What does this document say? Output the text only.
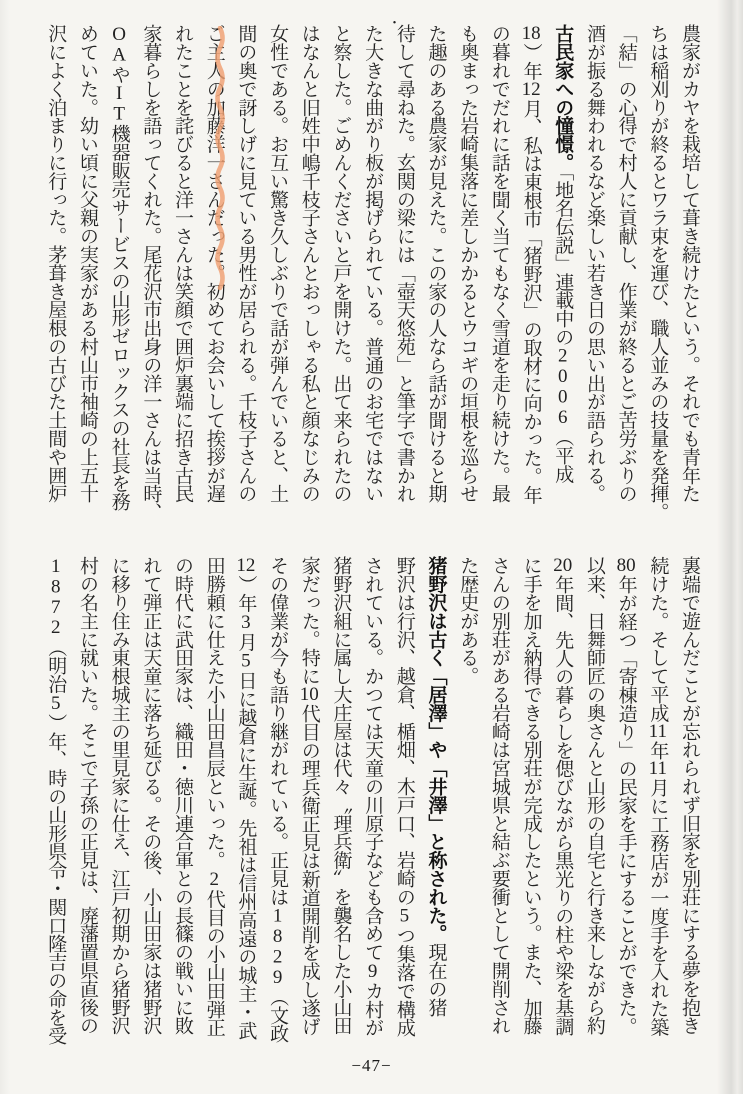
農家がカヤを栽培して葺き続けたという。それでも青年た
ちは稲刈りが終るとワラ束を運び、職人並みの技量を発揮。
「結」の心得で村人に貢献し、作業が終るとご苦労ぶりの
酒が振る舞われるなど楽しい若き日の思い出が語られる。
古民家への憧憬。「地名伝説」連載中の2006（平成
18）年12月、私は東根市「猪野沢」の取材に向かった。年
の暮れでだれに話を聞く当てもなく雪道を走り続けた。最
も奥まった岩崎集落に差しかかるとウコギの垣根を巡らせ
た趣のある農家が見えた。この家の人なら話が聞けると期
待して尋ねた。玄関の梁には「壺天悠苑」と筆字で書かれ
た大きな曲がり板が掲げられている。普通のお宅ではない
と察した。ごめんくださいと戸を開けた。出て来られたの
はなんと旧姓中嶋千枝子さんとおっしゃる私と顔なじみの
女性である。お互い驚き久しぶりで話が弾んでいると、土
間の奥で訝しげに見ている男性が居られる。千枝子さんの
ご主人の加藤洋一さんだった。初めてお会いして挨拶が遅
れたことを詫びると洋一さんは笑顔で囲炉裏端に招き古民
家暮らしを語ってくれた。尾花沢市出身の洋一さんは当時、
OAやIT機器販売サービスの山形ゼロックスの社長を務
めていた。幼い頃に父親の実家がある村山市袖崎の上五十
沢によく泊まりに行った。茅葺き屋根の古びた土間や囲炉
裏端で遊んだことが忘れられず旧家を別荘にする夢を抱き
続けた。そして平成11年11月に工務店が一度手を入れた築
80年が経つ「寄棟造り」の民家を手にすることができた。
以来、日舞師匠の奥さんと山形の自宅と行き来しながら約
20年間、先人の暮らしを偲びながら黒光りの柱や梁を基調
に手を加え納得できる別荘が完成したという。また、加藤
さんの別荘がある岩崎は宮城県と結ぶ要衝として開削され
た歴史がある。
猪野沢は古く「居澤」や「井澤」と称された。現在の猪
野沢は行沢、越倉、楯畑、木戸口、岩崎の5つ集落で構成
されている。かつては天童の川原子なども含めて9カ村が
猪野沢組に属し大庄屋は代々〝理兵衛〟を襲名した小山田
家だった。特に10代目の理兵衛正見は新道開削を成し遂げ
その偉業が今も語り継がれている。正見は1829（文政
12）年3月5日に越倉に生誕。先祖は信州高遠の城主・武
田勝頼に仕えた小山田昌辰といった。2代目の小山田弾正
の時代に武田家は、織田・徳川連合軍との長篠の戦いに敗
れて弾正は天童に落ち延びる。その後、小山田家は猪野沢
に移り住み東根城主の里見家に仕え、江戸初期から猪野沢
村の名主に就いた。そこで子孫の正見は、廃藩置県直後の
1872（明治5）年、時の山形県令・関口隆吉の命を受
・
−47−
